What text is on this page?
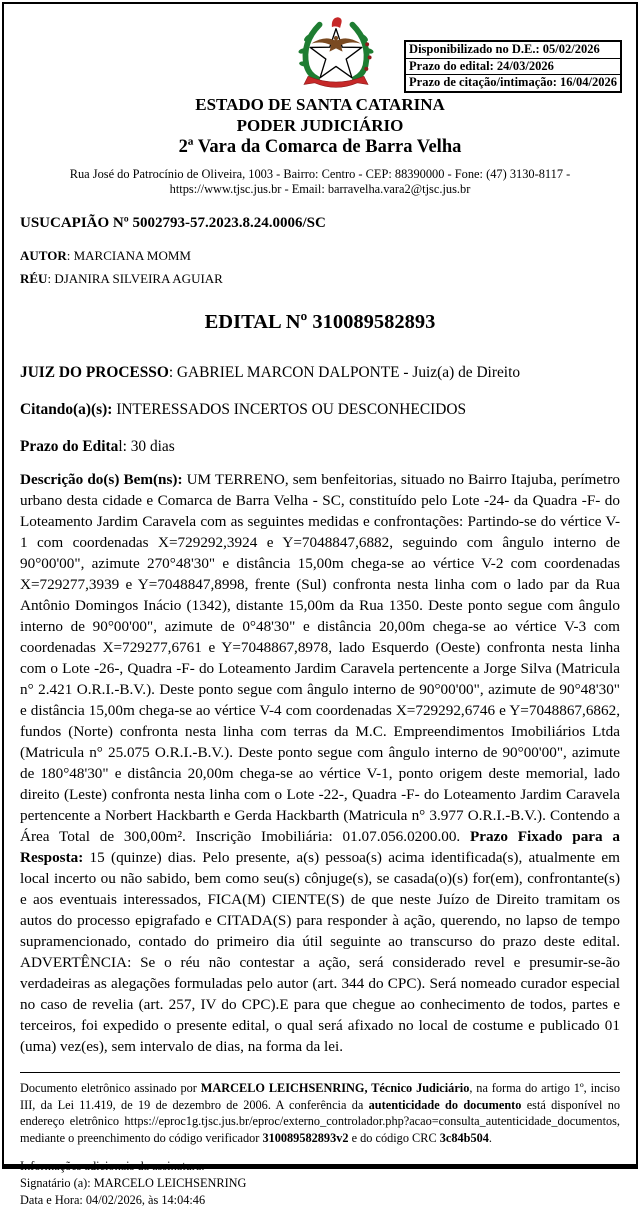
Disponibilizado no D.E.: 05/02/2026
Prazo do edital: 24/03/2026
Prazo de citação/intimação: 16/04/2026
ESTADO DE SANTA CATARINA
PODER JUDICIÁRIO
2ª Vara da Comarca de Barra Velha
Rua José do Patrocínio de Oliveira, 1003 - Bairro: Centro - CEP: 88390000 - Fone: (47) 3130-8117 -
https://www.tjsc.jus.br - Email: barravelha.vara2@tjsc.jus.br
USUCAPIÃO Nº 5002793-57.2023.8.24.0006/SC
AUTOR: MARCIANA MOMM
RÉU: DJANIRA SILVEIRA AGUIAR
EDITAL Nº 310089582893
JUIZ DO PROCESSO: GABRIEL MARCON DALPONTE - Juiz(a) de Direito
Citando(a)(s): INTERESSADOS INCERTOS OU DESCONHECIDOS
Prazo do Edital: 30 dias

Descrição do(s) Bem(ns): UM TERRENO, sem benfeitorias, situado no Bairro Itajuba, perímetro urbano desta cidade e Comarca de Barra Velha - SC, constituído pelo Lote -24- da Quadra -F- do Loteamento Jardim Caravela com as seguintes medidas e confrontações: Partindo-se do vértice V-1 com coordenadas X=729292,3924 e Y=7048847,6882, seguindo com ângulo interno de 90°00'00", azimute 270°48'30" e distância 15,00m chega-se ao vértice V-2 com coordenadas X=729277,3939 e Y=7048847,8998, frente (Sul) confronta nesta linha com o lado par da Rua Antônio Domingos Inácio (1342), distante 15,00m da Rua 1350. Deste ponto segue com ângulo interno de 90°00'00", azimute de 0°48'30" e distância 20,00m chega-se ao vértice V-3 com coordenadas X=729277,6761 e Y=7048867,8978, lado Esquerdo (Oeste) confronta nesta linha com o Lote -26-, Quadra -F- do Loteamento Jardim Caravela pertencente a Jorge Silva (Matricula n° 2.421 O.R.I.-B.V.). Deste ponto segue com ângulo interno de 90°00'00", azimute de 90°48'30" e distância 15,00m chega-se ao vértice V-4 com coordenadas X=729292,6746 e Y=7048867,6862, fundos (Norte) confronta nesta linha com terras da M.C. Empreendimentos Imobiliários Ltda (Matricula n° 25.075 O.R.I.-B.V.). Deste ponto segue com ângulo interno de 90°00'00", azimute de 180°48'30" e distância 20,00m chega-se ao vértice V-1, ponto origem deste memorial, lado direito (Leste) confronta nesta linha com o Lote -22-, Quadra -F- do Loteamento Jardim Caravela pertencente a Norbert Hackbarth e Gerda Hackbarth (Matricula n° 3.977 O.R.I.-B.V.). Contendo a Área Total de 300,00m². Inscrição Imobiliária: 01.07.056.0200.00. Prazo Fixado para a Resposta: 15 (quinze) dias. Pelo presente, a(s) pessoa(s) acima identificada(s), atualmente em local incerto ou não sabido, bem como seu(s) cônjuge(s), se casada(o)(s) for(em), confrontante(s) e aos eventuais interessados, FICA(M) CIENTE(S) de que neste Juízo de Direito tramitam os autos do processo epigrafado e CITADA(S) para responder à ação, querendo, no lapso de tempo supramencionado, contado do primeiro dia útil seguinte ao transcurso do prazo deste edital. ADVERTÊNCIA: Se o réu não contestar a ação, será considerado revel e presumir-se-ão verdadeiras as alegações formuladas pelo autor (art. 344 do CPC). Será nomeado curador especial no caso de revelia (art. 257, IV do CPC).E para que chegue ao conhecimento de todos, partes e terceiros, foi expedido o presente edital, o qual será afixado no local de costume e publicado 01 (uma) vez(es), sem intervalo de dias, na forma da lei.

Documento eletrônico assinado por MARCELO LEICHSENRING, Técnico Judiciário, na forma do artigo 1º, inciso III, da Lei 11.419, de 19 de dezembro de 2006. A conferência da autenticidade do documento está disponível no endereço eletrônico https://eproc1g.tjsc.jus.br/eproc/externo_controlador.php?acao=consulta_autenticidade_documentos, mediante o preenchimento do código verificador 310089582893v2 e do código CRC 3c84b504.

Informações adicionais da assinatura:
Signatário (a): MARCELO LEICHSENRING
Data e Hora: 04/02/2026, às 14:04:46
